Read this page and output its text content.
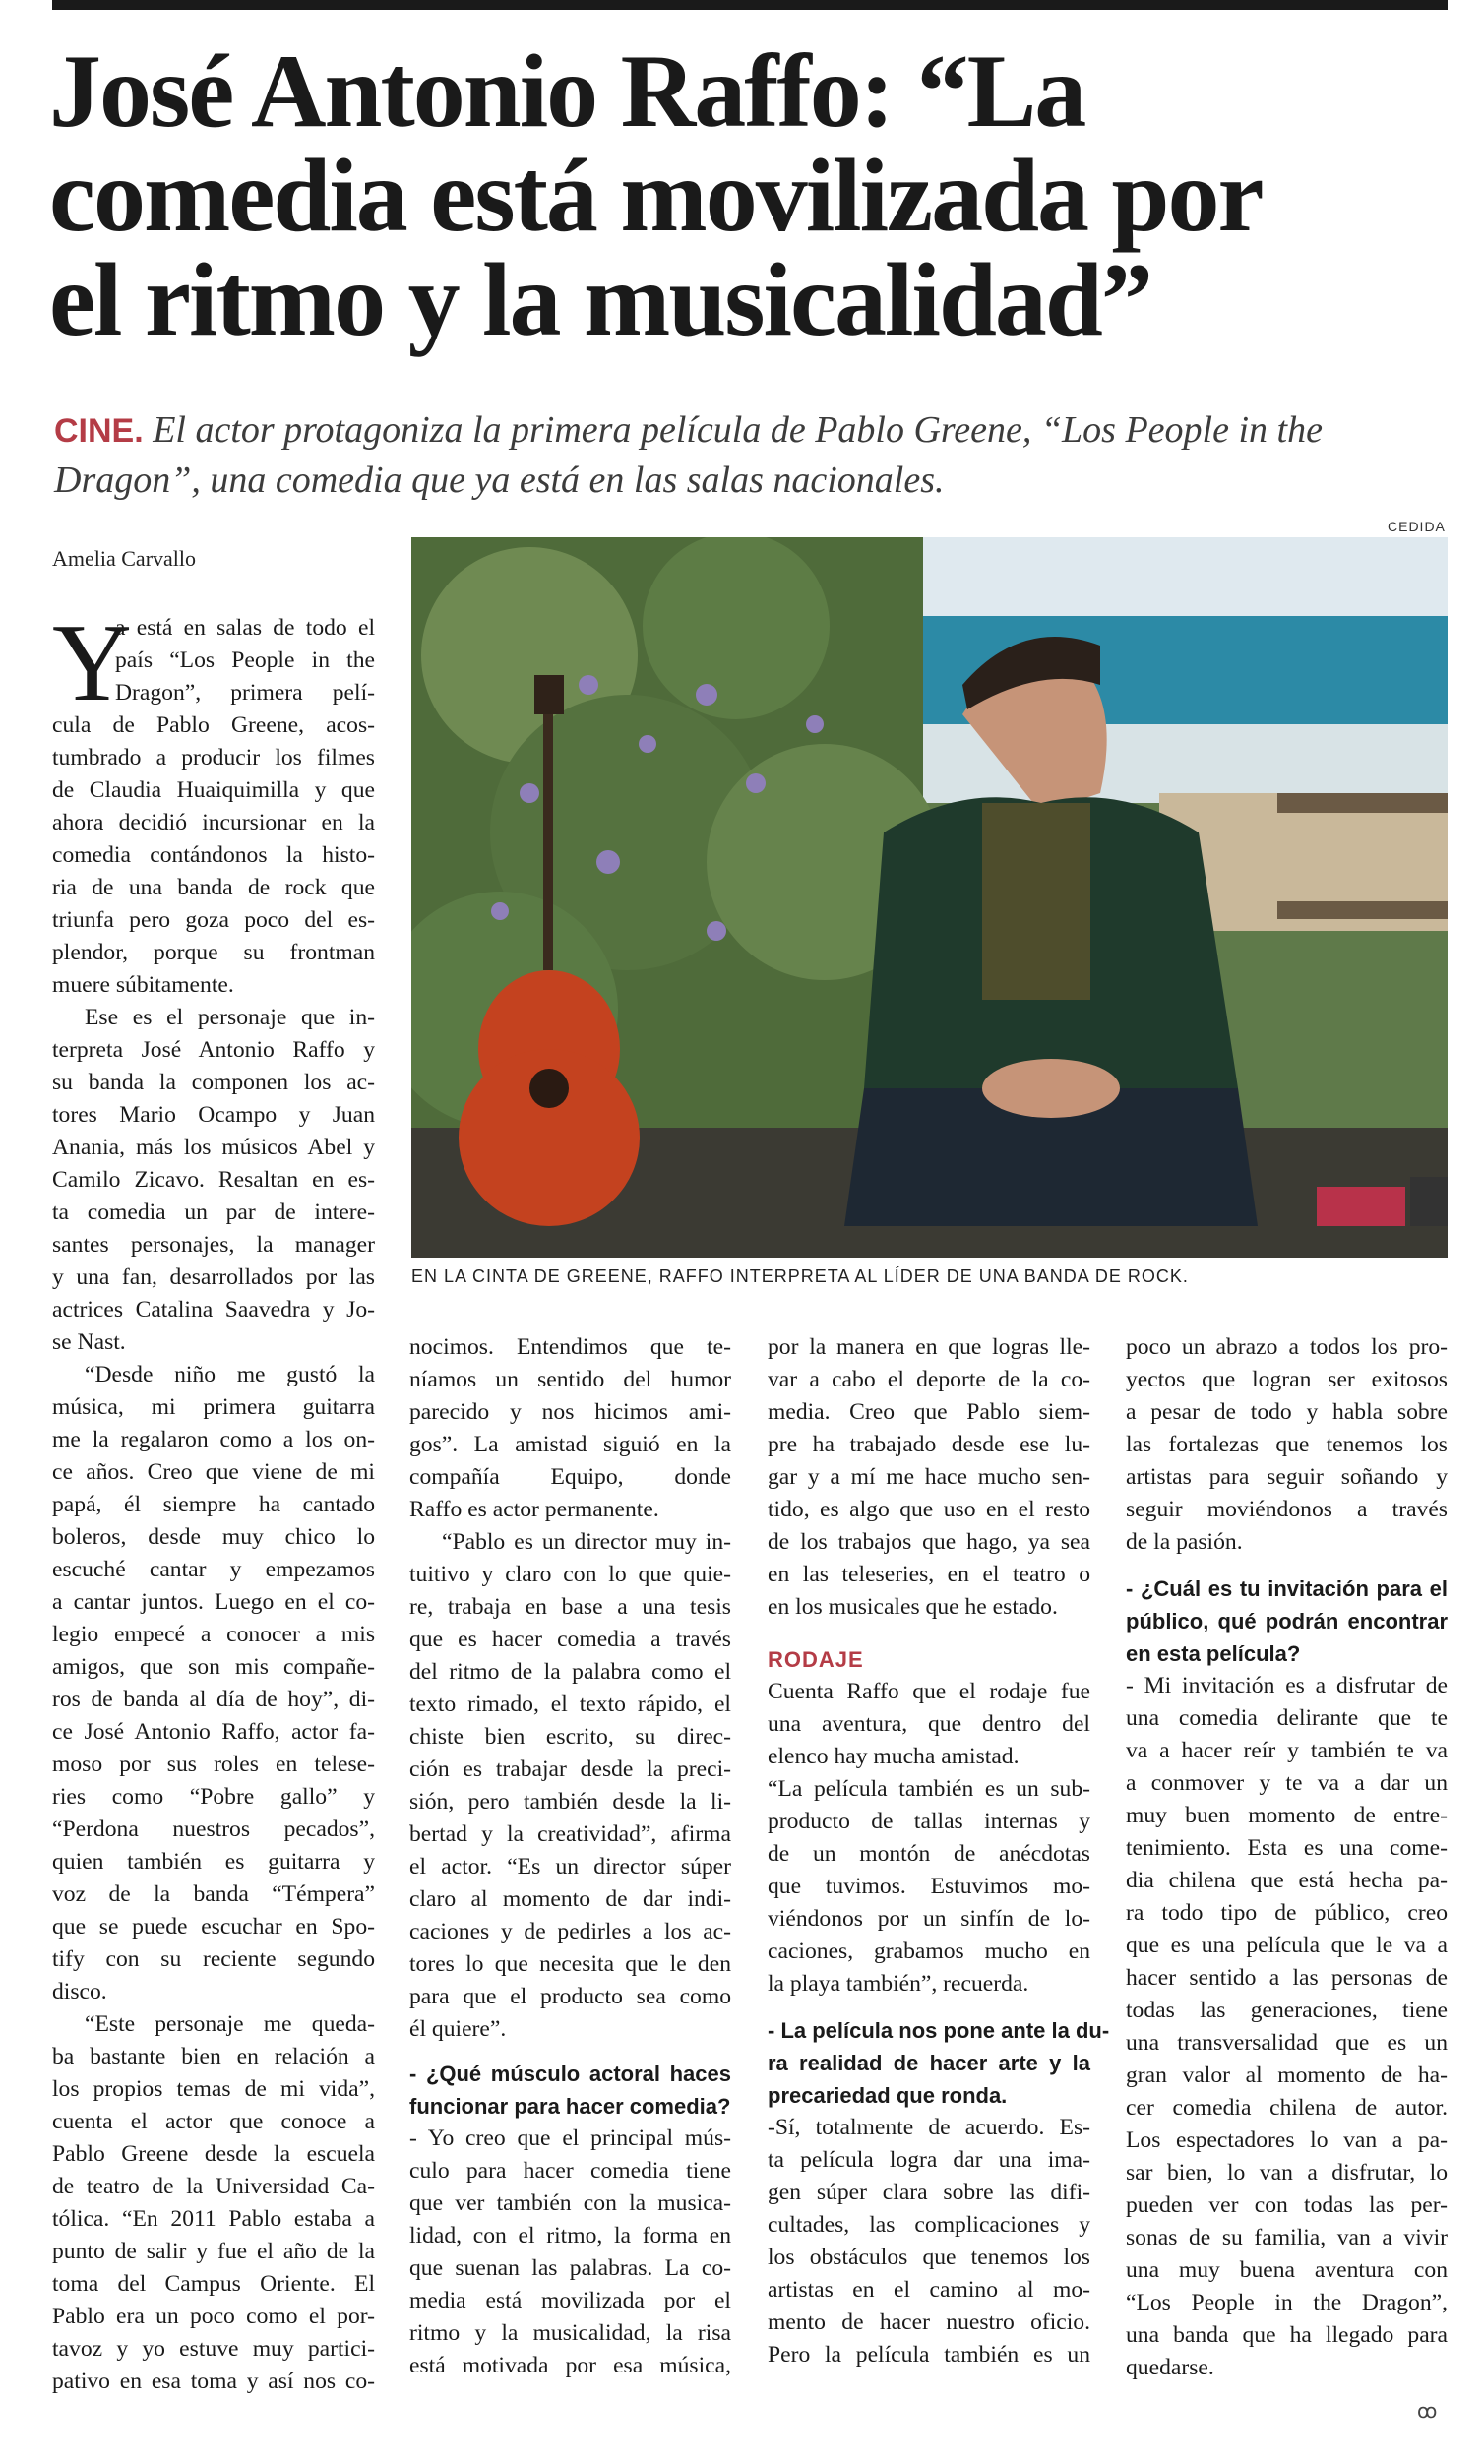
José Antonio Raffo: “La
comedia está movilizada por
el ritmo y la musicalidad”
CINE. El actor protagoniza la primera película de Pablo Greene, “Los People in the
Dragon”, una comedia que ya está en las salas nacionales.
CEDIDA
Amelia Carvallo
EN LA CINTA DE GREENE, RAFFO INTERPRETA AL LÍDER DE UNA BANDA DE ROCK.
Y
a está en salas de todo el
país “Los People in the
Dragon”, primera pelí-
cula de Pablo Greene, acos-
tumbrado a producir los filmes
de Claudia Huaiquimilla y que
ahora decidió incursionar en la
comedia contándonos la histo-
ria de una banda de rock que
triunfa pero goza poco del es-
plendor, porque su frontman
muere súbitamente.
Ese es el personaje que in-
terpreta José Antonio Raffo y
su banda la componen los ac-
tores Mario Ocampo y Juan
Anania, más los músicos Abel y
Camilo Zicavo. Resaltan en es-
ta comedia un par de intere-
santes personajes, la manager
y una fan, desarrollados por las
actrices Catalina Saavedra y Jo-
se Nast.
“Desde niño me gustó la
música, mi primera guitarra
me la regalaron como a los on-
ce años. Creo que viene de mi
papá, él siempre ha cantado
boleros, desde muy chico lo
escuché cantar y empezamos
a cantar juntos. Luego en el co-
legio empecé a conocer a mis
amigos, que son mis compañe-
ros de banda al día de hoy”, di-
ce José Antonio Raffo, actor fa-
moso por sus roles en telese-
ries como “Pobre gallo” y
“Perdona nuestros pecados”,
quien también es guitarra y
voz de la banda “Témpera”
que se puede escuchar en Spo-
tify con su reciente segundo
disco.
“Este personaje me queda-
ba bastante bien en relación a
los propios temas de mi vida”,
cuenta el actor que conoce a
Pablo Greene desde la escuela
de teatro de la Universidad Ca-
tólica. “En 2011 Pablo estaba a
punto de salir y fue el año de la
toma del Campus Oriente. El
Pablo era un poco como el por-
tavoz y yo estuve muy partici-
pativo en esa toma y así nos co-
nocimos. Entendimos que te-
níamos un sentido del humor
parecido y nos hicimos ami-
gos”. La amistad siguió en la
compañía Equipo, donde
Raffo es actor permanente.
“Pablo es un director muy in-
tuitivo y claro con lo que quie-
re, trabaja en base a una tesis
que es hacer comedia a través
del ritmo de la palabra como el
texto rimado, el texto rápido, el
chiste bien escrito, su direc-
ción es trabajar desde la preci-
sión, pero también desde la li-
bertad y la creatividad”, afirma
el actor. “Es un director súper
claro al momento de dar indi-
caciones y de pedirles a los ac-
tores lo que necesita que le den
para que el producto sea como
él quiere”.
- ¿Qué músculo actoral haces
funcionar para hacer comedia?
- Yo creo que el principal mús-
culo para hacer comedia tiene
que ver también con la musica-
lidad, con el ritmo, la forma en
que suenan las palabras. La co-
media está movilizada por el
ritmo y la musicalidad, la risa
está motivada por esa música,
por la manera en que logras lle-
var a cabo el deporte de la co-
media. Creo que Pablo siem-
pre ha trabajado desde ese lu-
gar y a mí me hace mucho sen-
tido, es algo que uso en el resto
de los trabajos que hago, ya sea
en las teleseries, en el teatro o
en los musicales que he estado.
RODAJE
Cuenta Raffo que el rodaje fue
una aventura, que dentro del
elenco hay mucha amistad.
“La película también es un sub-
producto de tallas internas y
de un montón de anécdotas
que tuvimos. Estuvimos mo-
viéndonos por un sinfín de lo-
caciones, grabamos mucho en
la playa también”, recuerda.
- La película nos pone ante la du-
ra realidad de hacer arte y la
precariedad que ronda.
-Sí, totalmente de acuerdo. Es-
ta película logra dar una ima-
gen súper clara sobre las difi-
cultades, las complicaciones y
los obstáculos que tenemos los
artistas en el camino al mo-
mento de hacer nuestro oficio.
Pero la película también es un
poco un abrazo a todos los pro-
yectos que logran ser exitosos
a pesar de todo y habla sobre
las fortalezas que tenemos los
artistas para seguir soñando y
seguir moviéndonos a través
de la pasión.
- ¿Cuál es tu invitación para el
público, qué podrán encontrar
en esta película?
- Mi invitación es a disfrutar de
una comedia delirante que te
va a hacer reír y también te va
a conmover y te va a dar un
muy buen momento de entre-
tenimiento. Esta es una come-
dia chilena que está hecha pa-
ra todo tipo de público, creo
que es una película que le va a
hacer sentido a las personas de
todas las generaciones, tiene
una transversalidad que es un
gran valor al momento de ha-
cer comedia chilena de autor.
Los espectadores lo van a pa-
sar bien, lo van a disfrutar, lo
pueden ver con todas las per-
sonas de su familia, van a vivir
una muy buena aventura con
“Los People in the Dragon”,
una banda que ha llegado para
quedarse.
ꝏ
